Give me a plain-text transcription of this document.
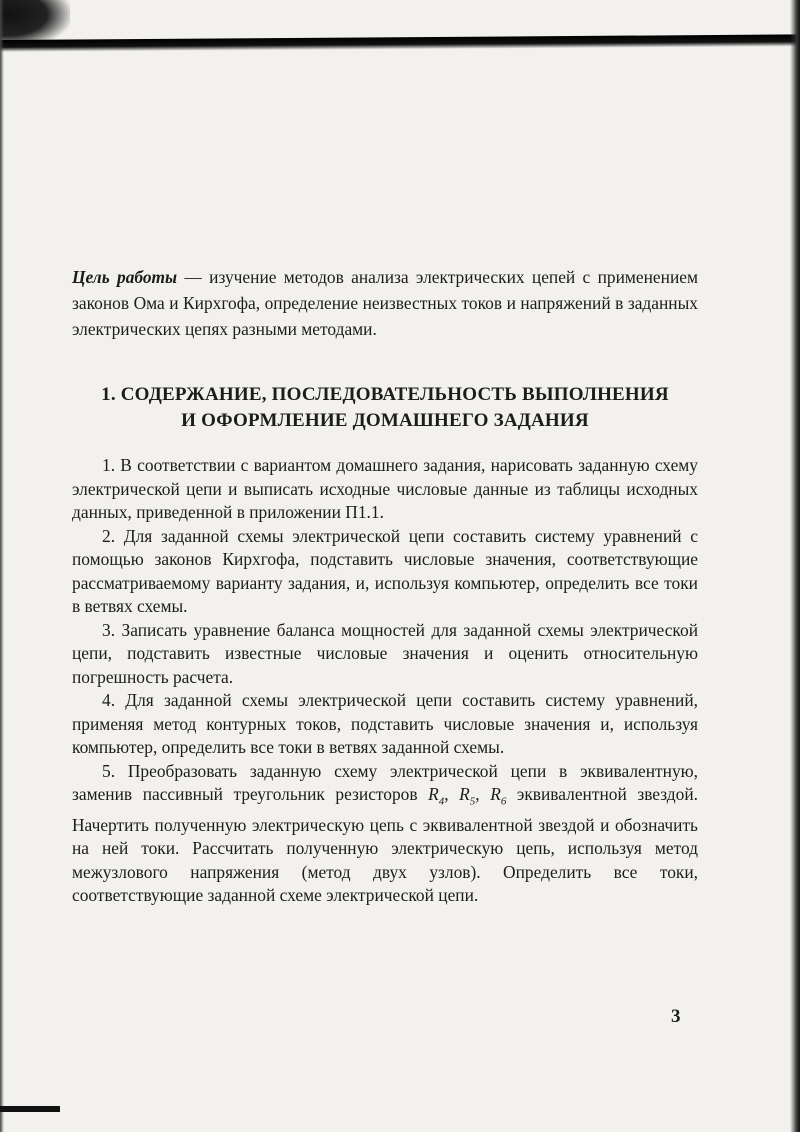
Цель работы — изучение методов анализа электрических цепей с применением законов Ома и Кирхгофа, определение неизвестных токов и напряжений в заданных электрических цепях разными методами.

1. СОДЕРЖАНИЕ, ПОСЛЕДОВАТЕЛЬНОСТЬ ВЫПОЛНЕНИЯ
И ОФОРМЛЕНИЕ ДОМАШНЕГО ЗАДАНИЯ

1. В соответствии с вариантом домашнего задания, нарисовать заданную схему электрической цепи и выписать исходные числовые данные из таблицы исходных данных, приведенной в приложении П1.1.

2. Для заданной схемы электрической цепи составить систему уравнений с помощью законов Кирхгофа, подставить числовые значения, соответствующие рассматриваемому варианту задания, и, используя компьютер, определить все токи в ветвях схемы.

3. Записать уравнение баланса мощностей для заданной схемы электрической цепи, подставить известные числовые значения и оценить относительную погрешность расчета.

4. Для заданной схемы электрической цепи составить систему уравнений, применяя метод контурных токов, подставить числовые значения и, используя компьютер, определить все токи в ветвях заданной схемы.

5. Преобразовать заданную схему электрической цепи в эквивалентную, заменив пассивный треугольник резисторов $R_4$, $R_5$, $R_6$ эквивалентной звездой. Начертить полученную электрическую цепь с эквивалентной звездой и обозначить на ней токи. Рассчитать полученную электрическую цепь, используя метод межузлового напряжения (метод двух узлов). Определить все токи, соответствующие заданной схеме электрической цепи.

3
